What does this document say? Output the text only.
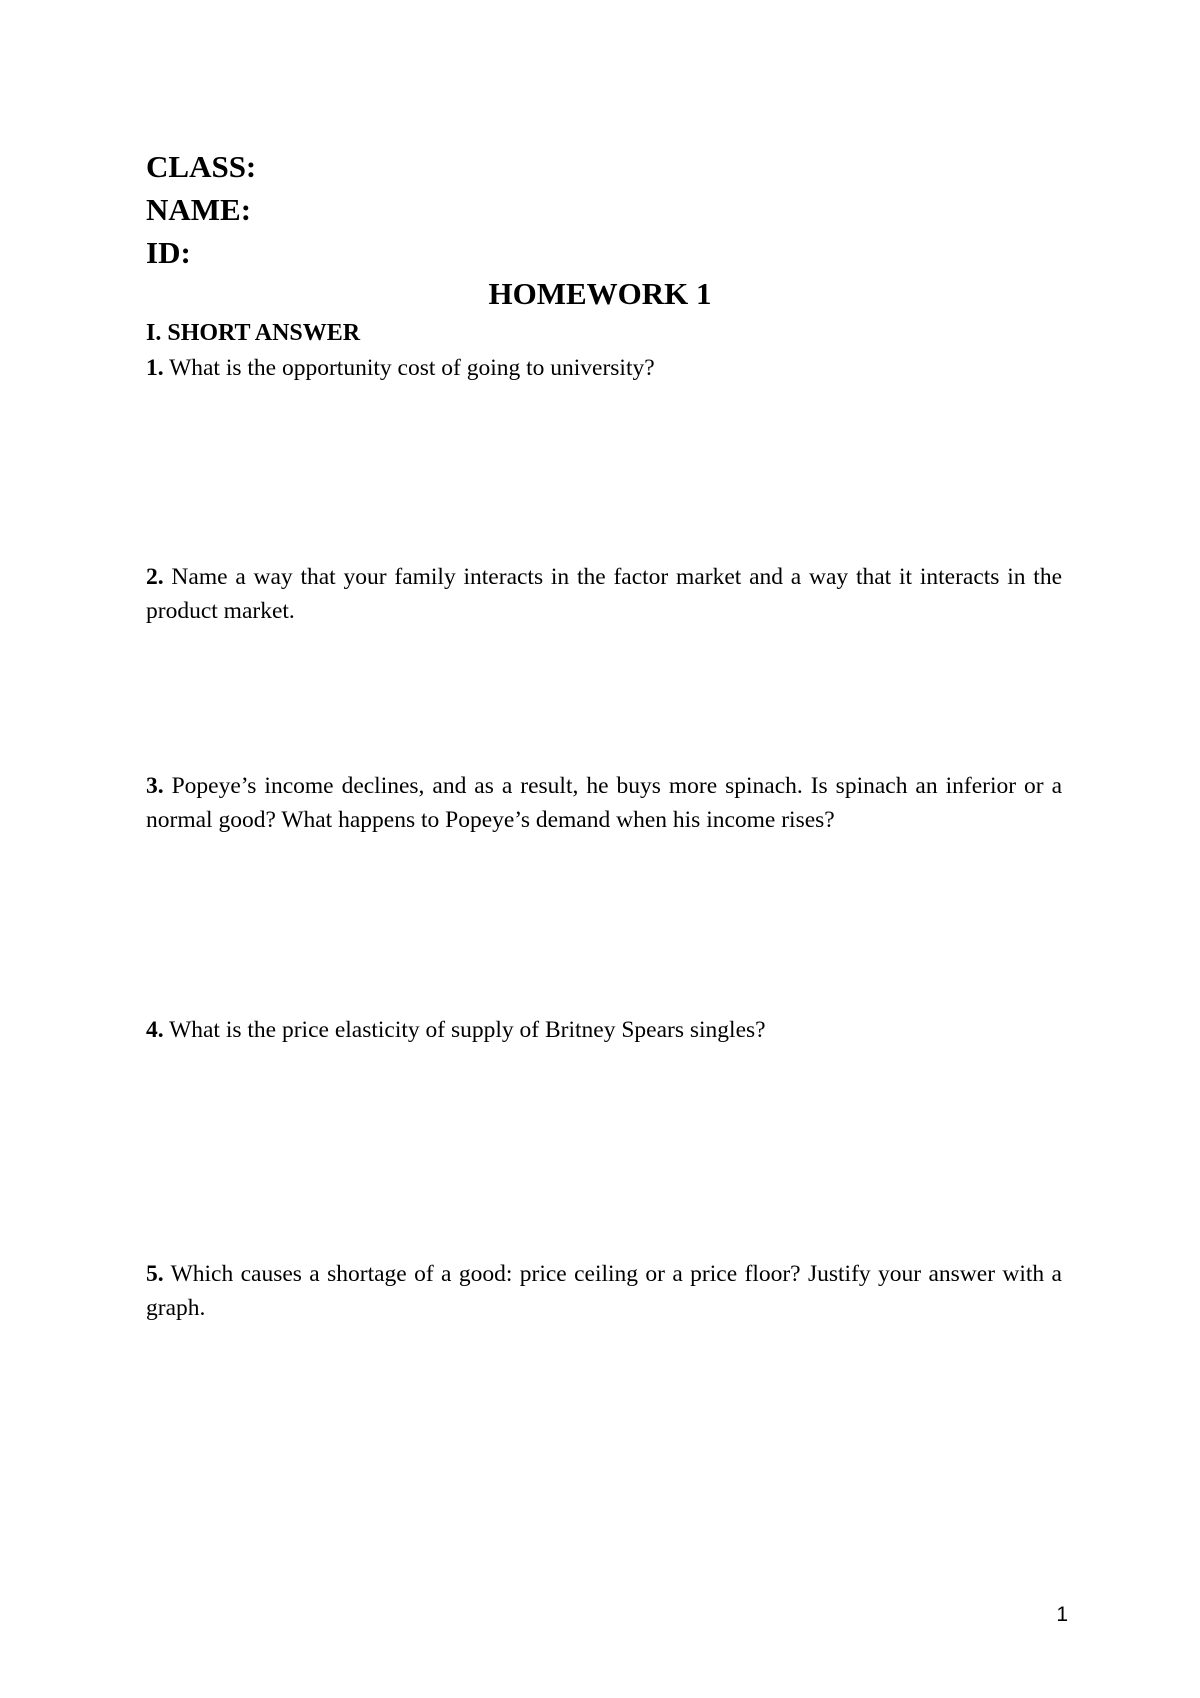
CLASS:
NAME:
ID:
HOMEWORK 1
I. SHORT ANSWER
1. What is the opportunity cost of going to university?
2. Name a way that your family interacts in the factor market and a way that it interacts in the product market.
3. Popeye’s income declines, and as a result, he buys more spinach. Is spinach an inferior or a normal good? What happens to Popeye’s demand when his income rises?
4. What is the price elasticity of supply of Britney Spears singles?
5. Which causes a shortage of a good: price ceiling or a price floor? Justify your answer with a graph.
1
